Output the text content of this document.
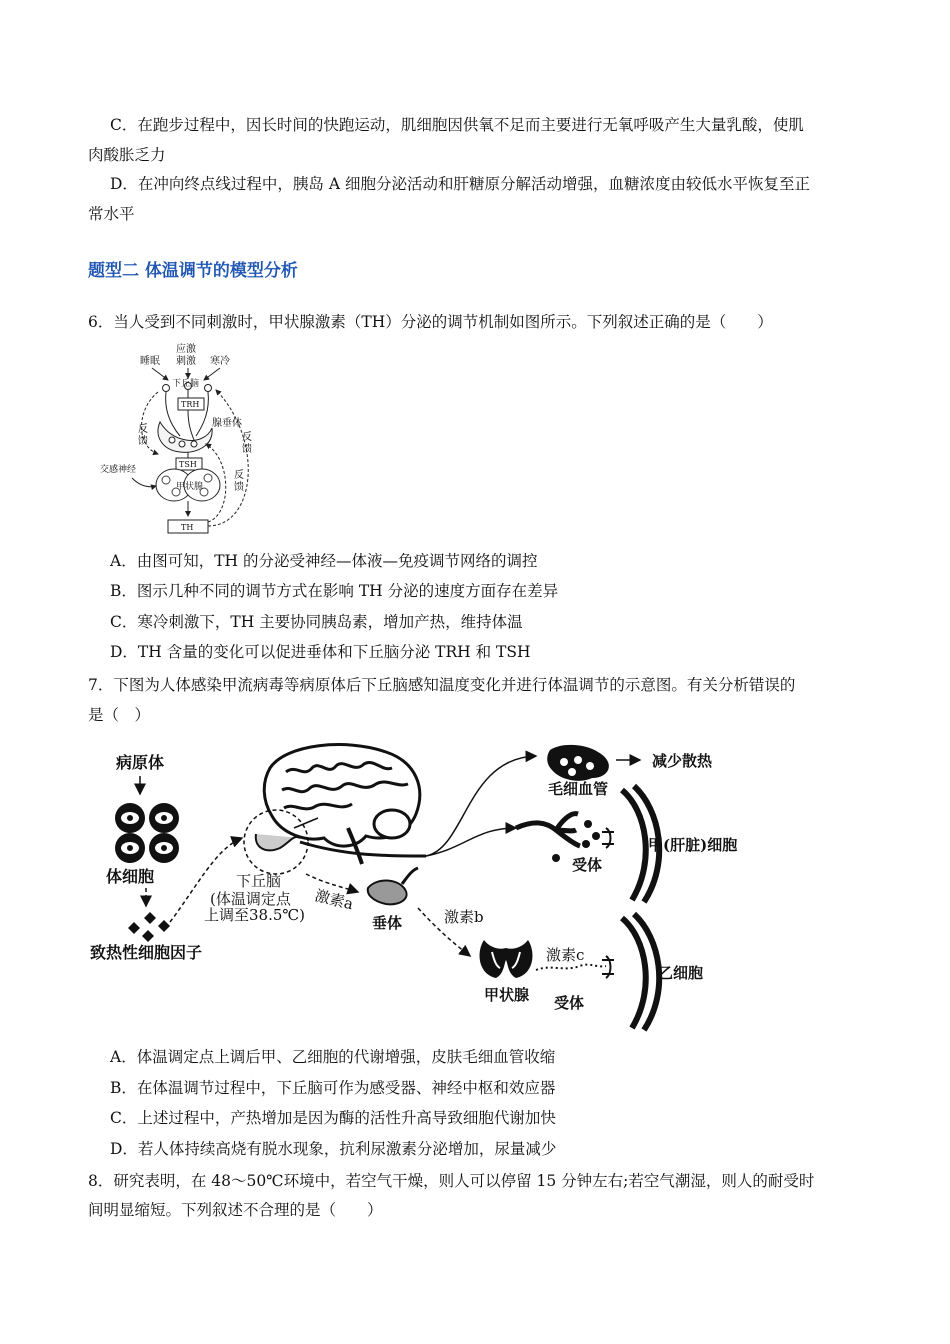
C．在跑步过程中，因长时间的快跑运动，肌细胞因供氧不足而主要进行无氧呼吸产生大量乳酸，使肌
肉酸胀乏力
D．在冲向终点线过程中，胰岛 A 细胞分泌活动和肝糖原分解活动增强，血糖浓度由较低水平恢复至正
常水平
题型二 体温调节的模型分析
6．当人受到不同刺激时，甲状腺激素（TH）分泌的调节机制如图所示。下列叙述正确的是（　　）
睡眠
应激
刺激 寒冷
下丘脑
TRH
腺垂体
反
馈	反
馈
TSH
甲状腺
交感神经	反
馈
TH
A．由图可知，TH 的分泌受神经—体液—免疫调节网络的调控
B．图示几种不同的调节方式在影响 TH 分泌的速度方面存在差异
C．寒冷刺激下，TH 主要协同胰岛素，增加产热，维持体温
D．TH 含量的变化可以促进垂体和下丘脑分泌 TRH 和 TSH
7．下图为人体感染甲流病毒等病原体后下丘脑感知温度变化并进行体温调节的示意图。有关分析错误的
是（　）
病原体
体细胞
致热性细胞因子
下丘脑
(体温调定点
上调至38.5℃)
激素a
垂体	激素b
甲状腺
激素c
受体
乙细胞
减少散热
毛细血管
受体
甲(肝脏)细胞
A．体温调定点上调后甲、乙细胞的代谢增强，皮肤毛细血管收缩
B．在体温调节过程中，下丘脑可作为感受器、神经中枢和效应器
C．上述过程中，产热增加是因为酶的活性升高导致细胞代谢加快
D．若人体持续高烧有脱水现象，抗利尿激素分泌增加，尿量减少
8．研究表明，在 48～50℃环境中，若空气干燥，则人可以停留 15 分钟左右;若空气潮湿，则人的耐受时
间明显缩短。下列叙述不合理的是（　　）
